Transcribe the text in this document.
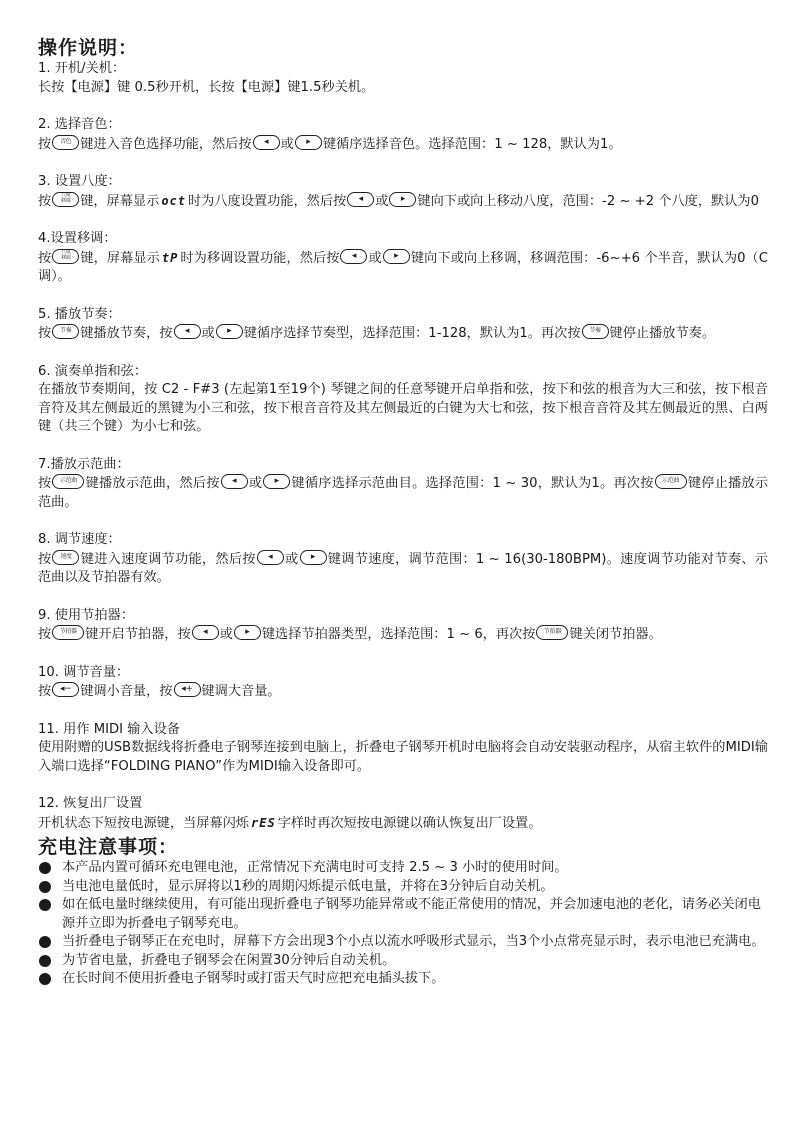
操作说明：

1. 开机/关机：

长按【电源】键 0.5秒开机，长按【电源】键1.5秒关机。

2. 选择音色：

按 音色 键进入音色选择功能，然后按 ◂ 或 ▸ 键循序选择音色。选择范围：1 ~ 128，默认为1。

3. 设置八度：

按 八度
移调 键，屏幕显示 oct 时为八度设置功能，然后按 ◂ 或 ▸ 键向下或向上移动八度，范围：-2 ~ +2 个八度，默认为0

4.设置移调：

按 八度
移调 键，屏幕显示 tP 时为移调设置功能，然后按 ◂ 或 ▸ 键向下或向上移调，移调范围：-6~+6 个半音，默认为0（C调）。

5. 播放节奏：

按 节奏 键播放节奏，按 ◂ 或 ▸ 键循序选择节奏型，选择范围：1-128，默认为1。再次按 节奏 键停止播放节奏。

6. 演奏单指和弦：

在播放节奏期间，按 C2 - F#3 (左起第1至19个) 琴键之间的任意琴键开启单指和弦，按下和弦的根音为大三和弦，按下根音音符及其左侧最近的黑键为小三和弦，按下根音音符及其左侧最近的白键为大七和弦，按下根音音符及其左侧最近的黑、白两键（共三个键）为小七和弦。

7.播放示范曲：

按 示范曲 键播放示范曲，然后按 ◂ 或 ▸ 键循序选择示范曲目。选择范围：1 ~ 30，默认为1。再次按 示范曲 键停止播放示范曲。

8. 调节速度：

按 速度 键进入速度调节功能，然后按 ◂ 或 ▸ 键调节速度，调节范围：1 ~ 16(30-180BPM)。速度调节功能对节奏、示范曲以及节拍器有效。

9. 使用节拍器：

按 节拍器 键开启节拍器，按 ◂ 或 ▸ 键选择节拍器类型，选择范围：1 ~ 6，再次按 节拍器 键关闭节拍器。

10. 调节音量：

按 ◂− 键调小音量，按 ◂+ 键调大音量。

11. 用作 MIDI 输入设备

使用附赠的USB数据线将折叠电子钢琴连接到电脑上，折叠电子钢琴开机时电脑将会自动安装驱动程序，从宿主软件的MIDI输入端口选择“FOLDING PIANO”作为MIDI输入设备即可。

12. 恢复出厂设置

开机状态下短按电源键，当屏幕闪烁 rES 字样时再次短按电源键以确认恢复出厂设置。

充电注意事项：
本产品内置可循环充电锂电池，正常情况下充满电时可支持 2.5 ~ 3 小时的使用时间。
当电池电量低时，显示屏将以1秒的周期闪烁提示低电量，并将在3分钟后自动关机。
如在低电量时继续使用，有可能出现折叠电子钢琴功能异常或不能正常使用的情况，并会加速电池的老化，请务必关闭电源并立即为折叠电子钢琴充电。
当折叠电子钢琴正在充电时，屏幕下方会出现3个小点以流水呼吸形式显示，当3个小点常亮显示时，表示电池已充满电。
为节省电量，折叠电子钢琴会在闲置30分钟后自动关机。
在长时间不使用折叠电子钢琴时或打雷天气时应把充电插头拔下。
